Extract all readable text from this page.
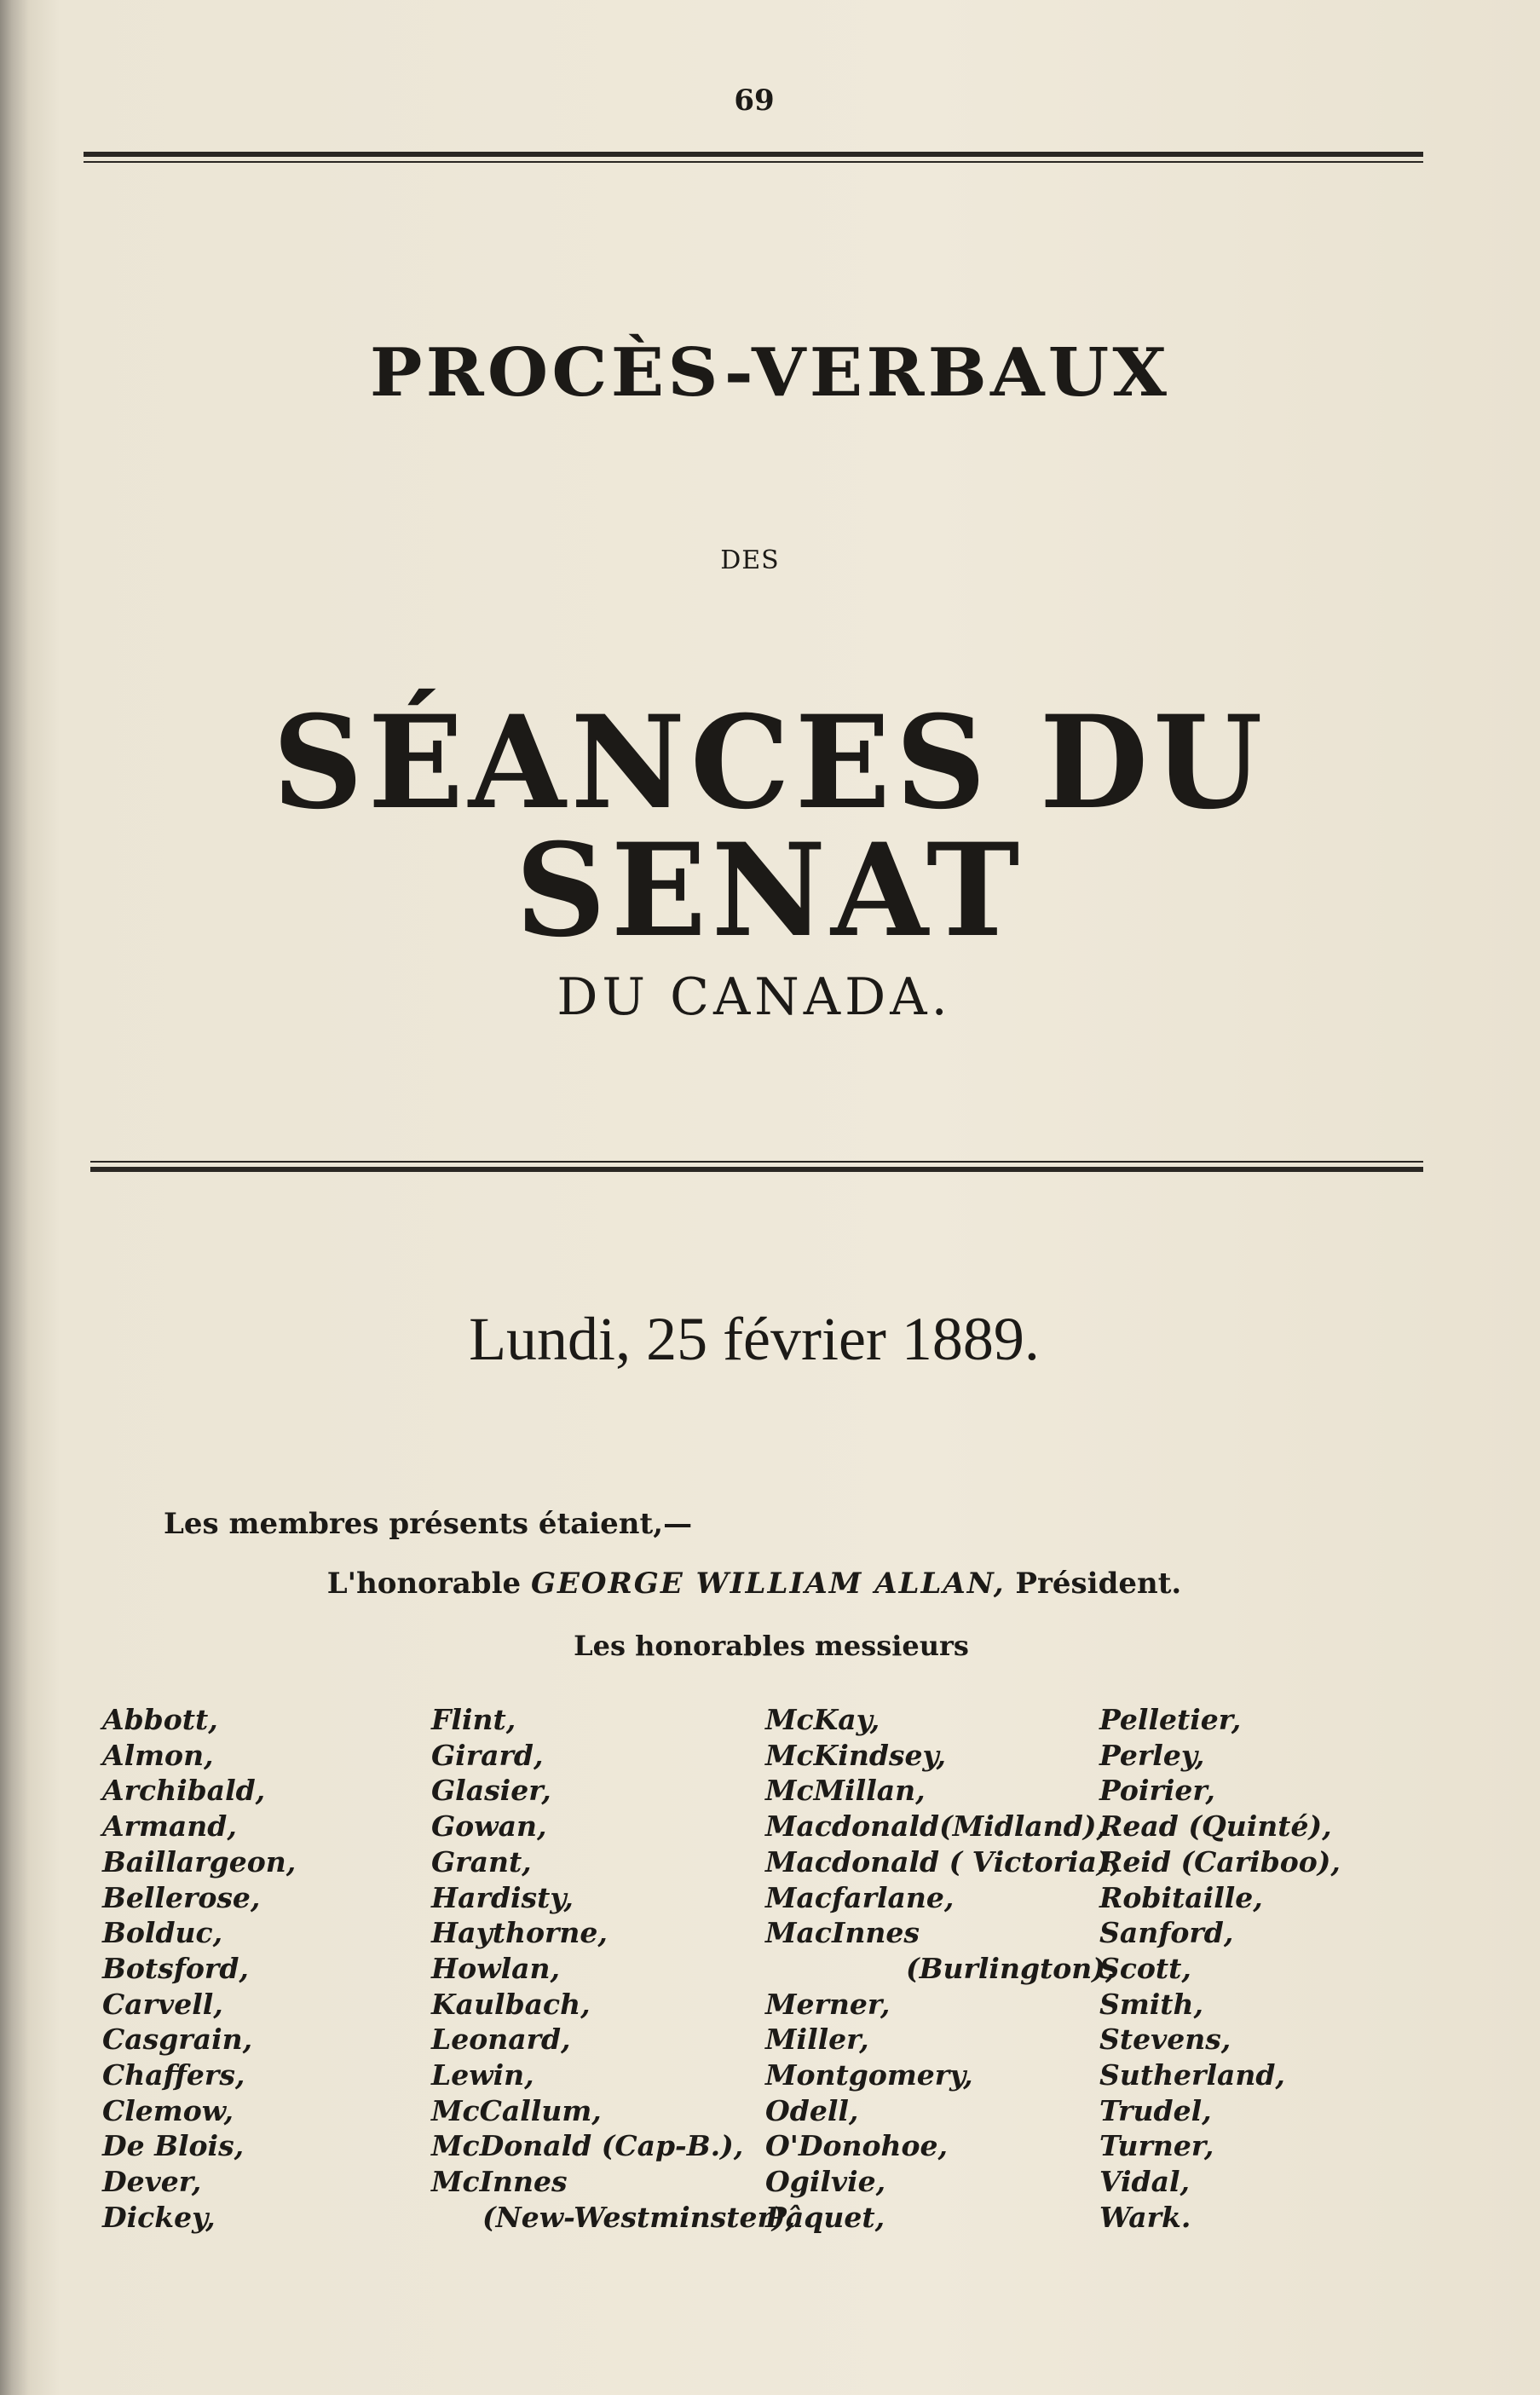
69
PROCÈS-VERBAUX
DES
SÉANCES DU SENAT
DU CANADA.
Lundi, 25 février 1889.
Les membres présents étaient,—
L'honorable GEORGE WILLIAM ALLAN, Président.
Les honorables messieurs
Abbott,
Almon,
Archibald,
Armand,
Baillargeon,
Bellerose,
Bolduc,
Botsford,
Carvell,
Casgrain,
Chaffers,
Clemow,
De Blois,
Dever,
Dickey,
Flint,
Girard,
Glasier,
Gowan,
Grant,
Hardisty,
Haythorne,
Howlan,
Kaulbach,
Leonard,
Lewin,
McCallum,
McDonald (Cap-B.),
McInnes
(New-Westminster),
McKay,
McKindsey,
McMillan,
Macdonald(Midland),
Macdonald ( Victoria),
Macfarlane,
MacInnes
(Burlington),
Merner,
Miller,
Montgomery,
Odell,
O'Donohoe,
Ogilvie,
Pâquet,
Pelletier,
Perley,
Poirier,
Read (Quinté),
Reid (Cariboo),
Robitaille,
Sanford,
Scott,
Smith,
Stevens,
Sutherland,
Trudel,
Turner,
Vidal,
Wark.
